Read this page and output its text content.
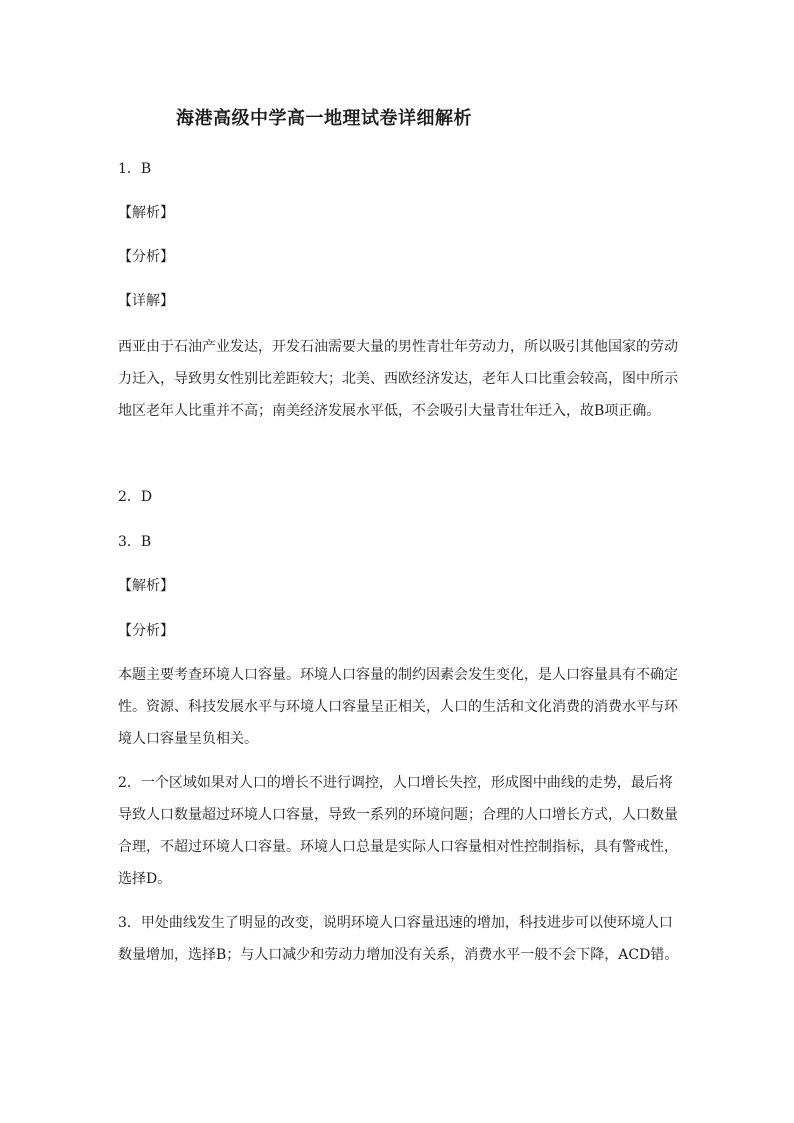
海港高级中学高一地理试卷详细解析
1．B
【解析】
【分析】
【详解】
西亚由于石油产业发达，开发石油需要大量的男性青壮年劳动力，所以吸引其他国家的劳动
力迁入，导致男女性别比差距较大；北美、西欧经济发达，老年人口比重会较高，图中所示
地区老年人比重并不高；南美经济发展水平低，不会吸引大量青壮年迁入，故B项正确。
2．D
3．B
【解析】
【分析】
本题主要考查环境人口容量。环境人口容量的制约因素会发生变化，是人口容量具有不确定
性。资源、科技发展水平与环境人口容量呈正相关，人口的生活和文化消费的消费水平与环
境人口容量呈负相关。
2．一个区域如果对人口的增长不进行调控，人口增长失控，形成图中曲线的走势，最后将
导致人口数量超过环境人口容量，导致一系列的环境问题；合理的人口增长方式，人口数量
合理，不超过环境人口容量。环境人口总量是实际人口容量相对性控制指标，具有警戒性，
选择D。
3．甲处曲线发生了明显的改变，说明环境人口容量迅速的增加，科技进步可以使环境人口
数量增加，选择B；与人口减少和劳动力增加没有关系，消费水平一般不会下降，ACD错。
